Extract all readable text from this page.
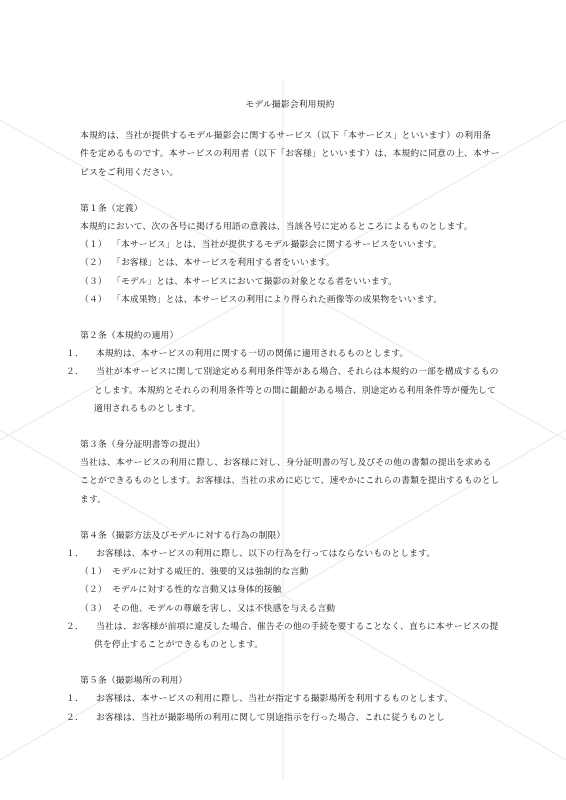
モデル撮影会利用規約

本規約は、当社が提供するモデル撮影会に関するサービス（以下「本サービス」といいます）の利用条件を定めるものです。本サービスの利用者（以下「お客様」といいます）は、本規約に同意の上、本サービスをご利用ください。

第１条（定義）

本規約において、次の各号に掲げる用語の意義は、当該各号に定めるところによるものとします。

（１） 「本サービス」とは、当社が提供するモデル撮影会に関するサービスをいいます。

（２） 「お客様」とは、本サービスを利用する者をいいます。

（３） 「モデル」とは、本サービスにおいて撮影の対象となる者をいいます。

（４） 「本成果物」とは、本サービスの利用により得られた画像等の成果物をいいます。

第２条（本規約の適用）

１． 本規約は、本サービスの利用に関する一切の関係に適用されるものとします。

２． 当社が本サービスに関して別途定める利用条件等がある場合、それらは本規約の一部を構成するものとします。本規約とそれらの利用条件等との間に齟齬がある場合、別途定める利用条件等が優先して適用されるものとします。

第３条（身分証明書等の提出）

当社は、本サービスの利用に際し、お客様に対し、身分証明書の写し及びその他の書類の提出を求めることができるものとします。お客様は、当社の求めに応じて、速やかにこれらの書類を提出するものとします。

第４条（撮影方法及びモデルに対する行為の制限）

１． お客様は、本サービスの利用に際し、以下の行為を行ってはならないものとします。

（１） モデルに対する威圧的、強要的又は強制的な言動

（２） モデルに対する性的な言動又は身体的接触

（３） その他、モデルの尊厳を害し、又は不快感を与える言動

２． 当社は、お客様が前項に違反した場合、催告その他の手続を要することなく、直ちに本サービスの提供を停止することができるものとします。

第５条（撮影場所の利用）

１． お客様は、本サービスの利用に際し、当社が指定する撮影場所を利用するものとします。

２． お客様は、当社が撮影場所の利用に関して別途指示を行った場合、これに従うものとし
